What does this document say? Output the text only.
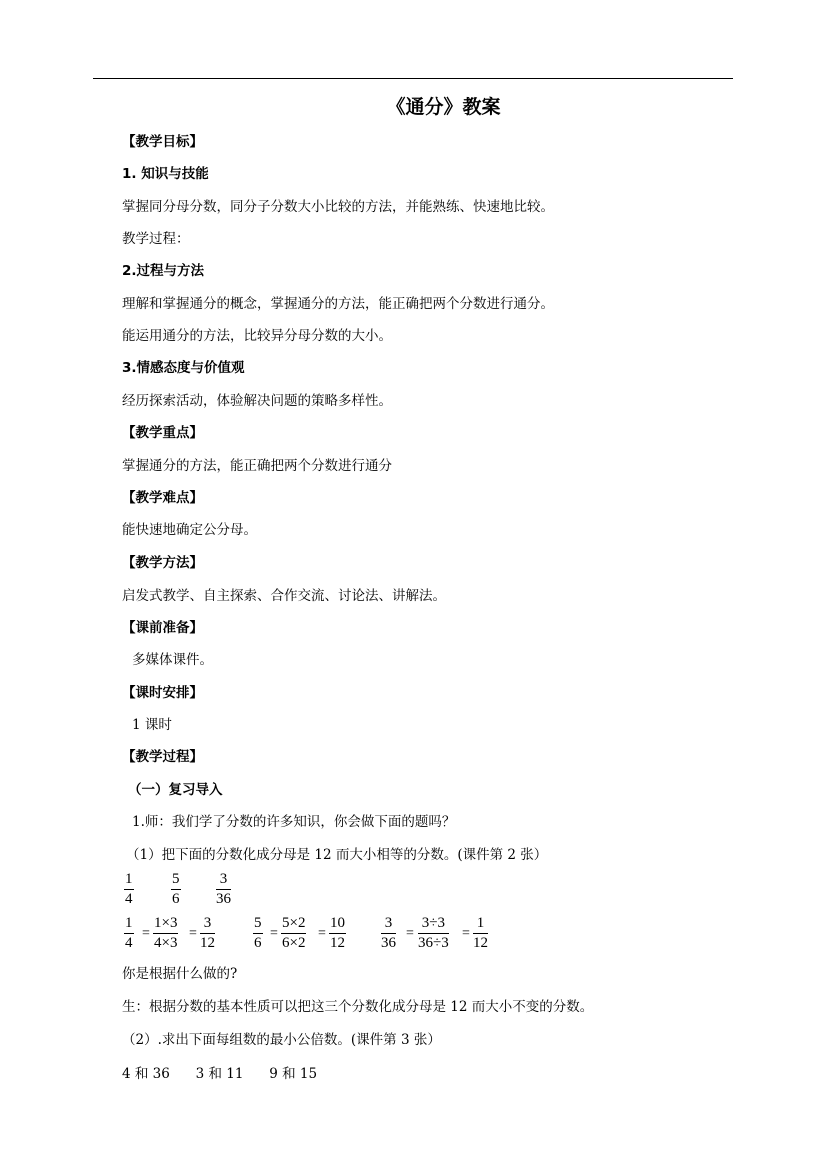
《通分》教案
【教学目标】
1. 知识与技能
掌握同分母分数，同分子分数大小比较的方法，并能熟练、快速地比较。
教学过程：
2.过程与方法
理解和掌握通分的概念，掌握通分的方法，能正确把两个分数进行通分。
能运用通分的方法，比较异分母分数的大小。
3.情感态度与价值观
经历探索活动，体验解决问题的策略多样性。
【教学重点】
掌握通分的方法，能正确把两个分数进行通分
【教学难点】
能快速地确定公分母。
【教学方法】
启发式教学、自主探索、合作交流、讨论法、讲解法。
【课前准备】
多媒体课件。
【课时安排】
1 课时
【教学过程】
（一）复习导入
1.师：我们学了分数的许多知识，你会做下面的题吗？
（1）把下面的分数化成分母是 12 而大小相等的分数。(课件第 2 张）
$\frac{1}{4}$	$\frac{5}{6} \frac{3}{36}$
$\frac{1}{4} = \frac{1\times 3}{4\times 3} = \frac{3}{12}$	$\frac{5}{6} = \frac{5\times 2}{6\times 2} = \frac{10}{12} \frac{3}{36} = \frac{3\div 3}{36\div 3} = \frac{1}{12}$
你是根据什么做的?
生：根据分数的基本性质可以把这三个分数化成分母是 12 而大小不变的分数。
（2）.求出下面每组数的最小公倍数。(课件第 3 张）
4 和 36      3 和 11      9 和 15
